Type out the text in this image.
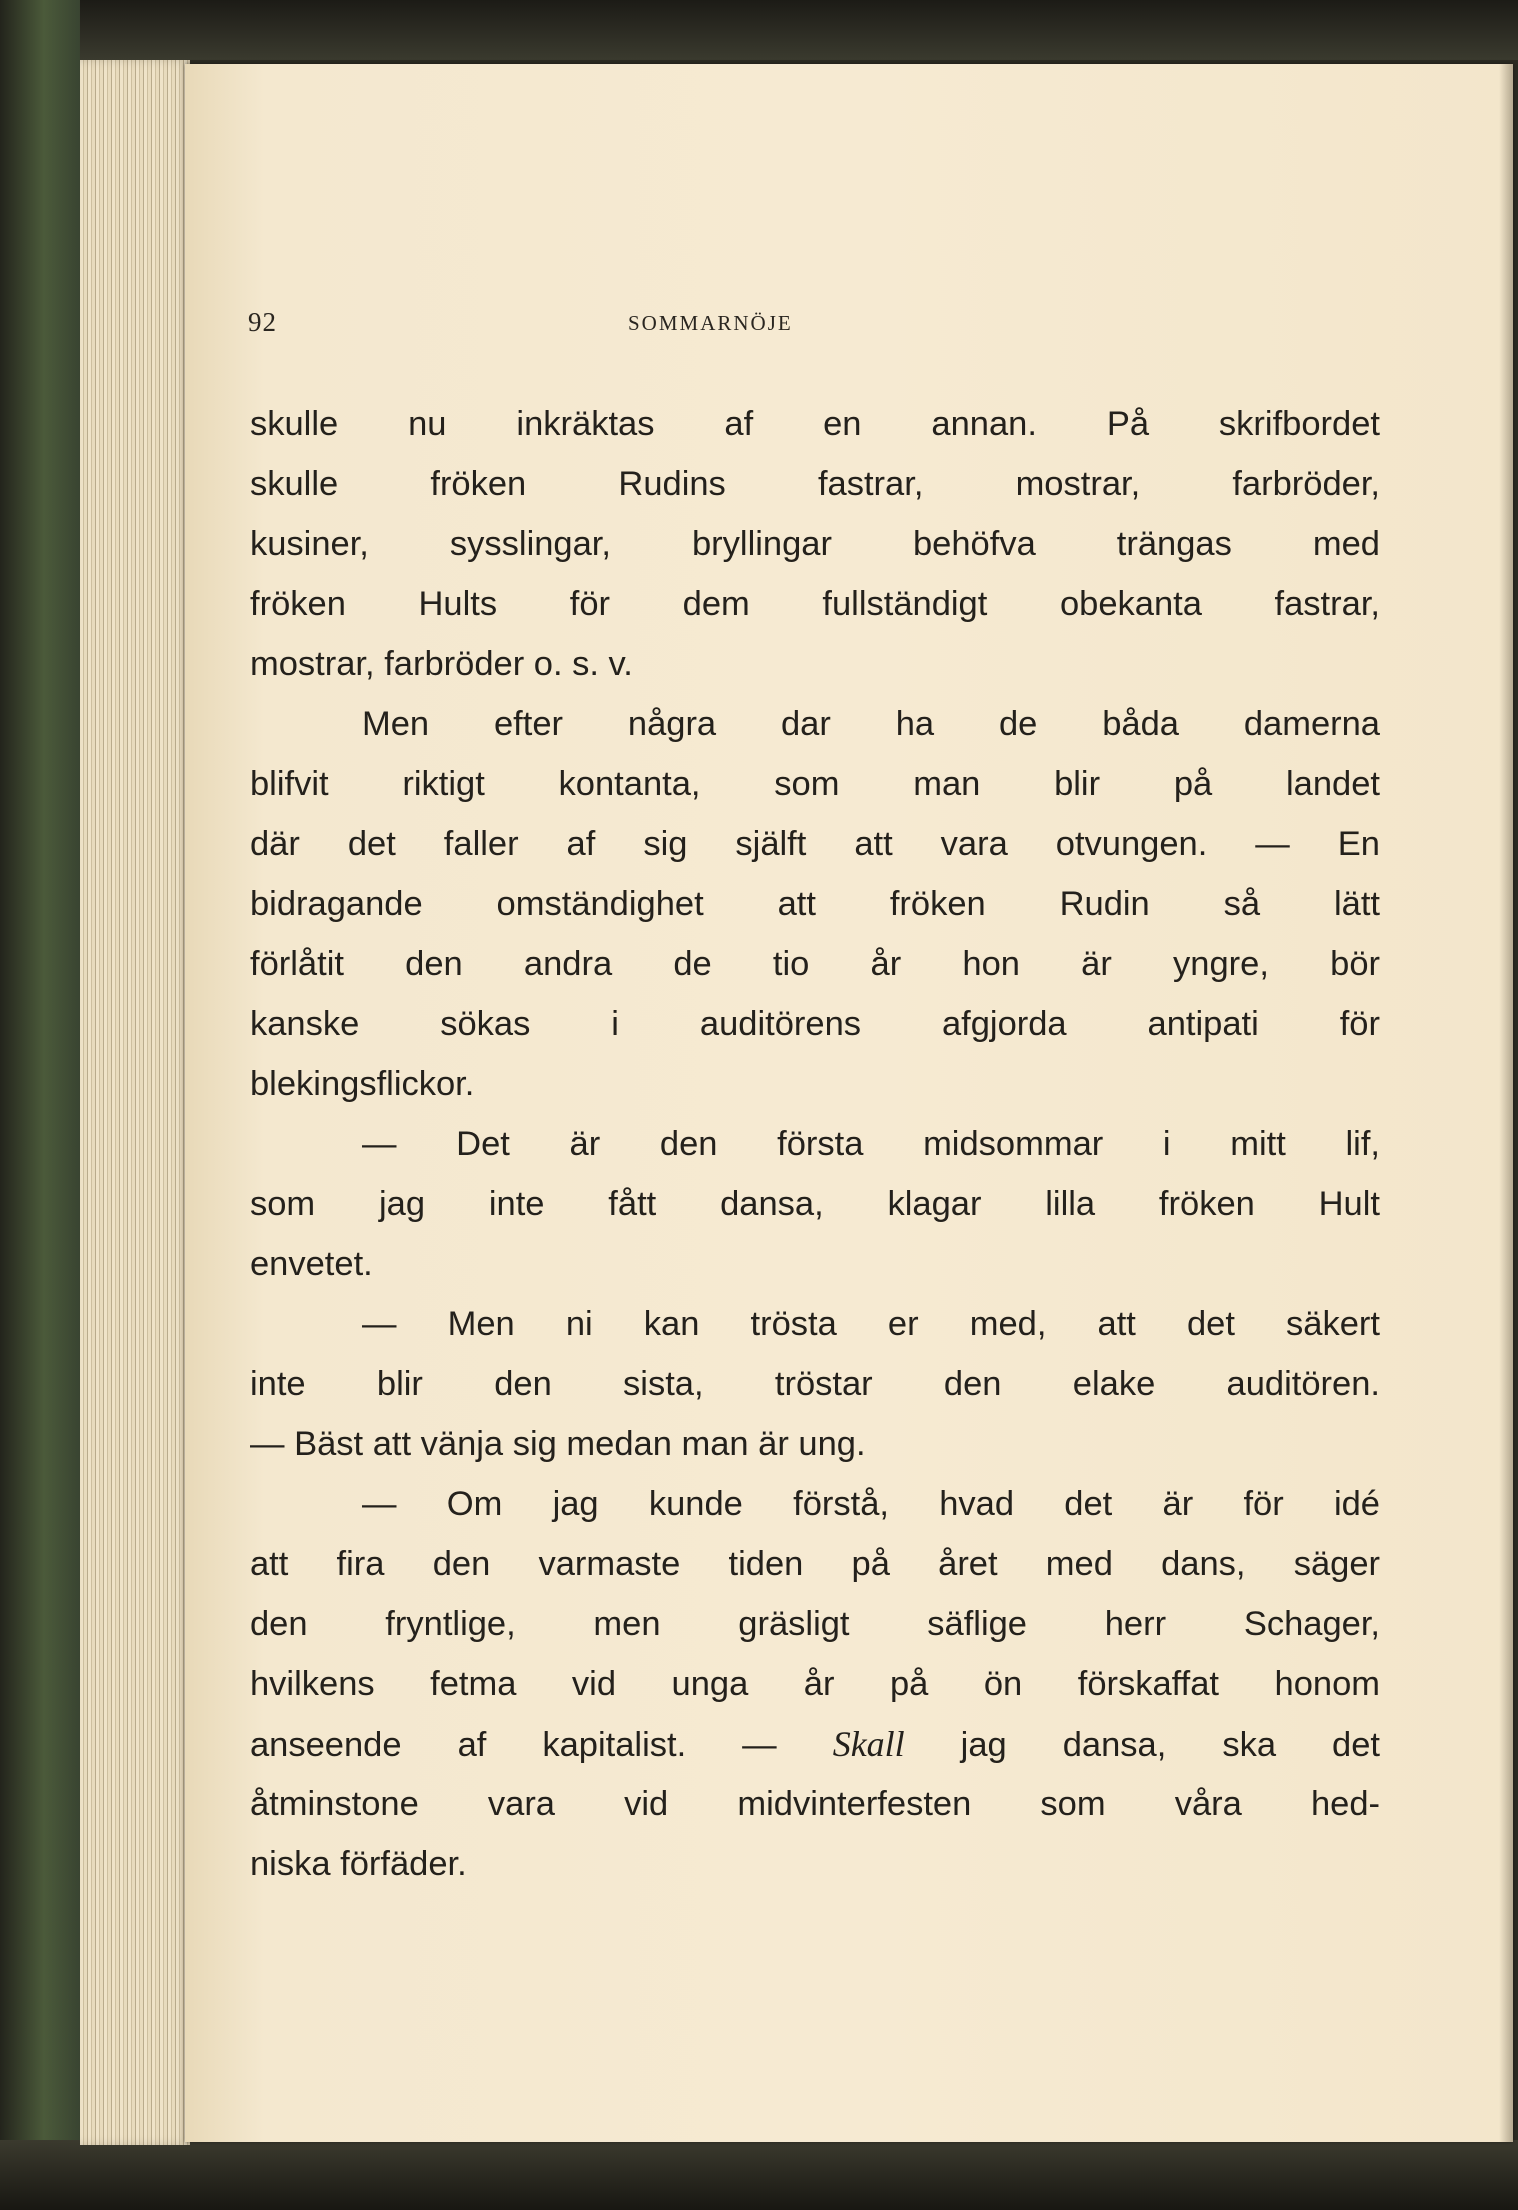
92	SOMMARNÖJE
skulle nu inkräktas af en annan. På skrifbordet
skulle fröken Rudins fastrar, mostrar, farbröder,
kusiner, sysslingar, bryllingar behöfva trängas med
fröken Hults för dem fullständigt obekanta fastrar,
mostrar, farbröder o. s. v.
Men efter några dar ha de båda damerna
blifvit riktigt kontanta, som man blir på landet
där det faller af sig själft att vara otvungen. — En
bidragande omständighet att fröken Rudin så lätt
förlåtit den andra de tio år hon är yngre, bör
kanske sökas i auditörens afgjorda antipati för
blekingsflickor.
— Det är den första midsommar i mitt lif,
som jag inte fått dansa, klagar lilla fröken Hult
envetet.
— Men ni kan trösta er med, att det säkert
inte blir den sista, tröstar den elake auditören.
— Bäst att vänja sig medan man är ung.
— Om jag kunde förstå, hvad det är för idé
att fira den varmaste tiden på året med dans, säger
den fryntlige, men gräsligt säflige herr Schager,
hvilkens fetma vid unga år på ön förskaffat honom
anseende af kapitalist. — Skall jag dansa, ska det
åtminstone vara vid midvinterfesten som våra hed-
niska förfäder.
